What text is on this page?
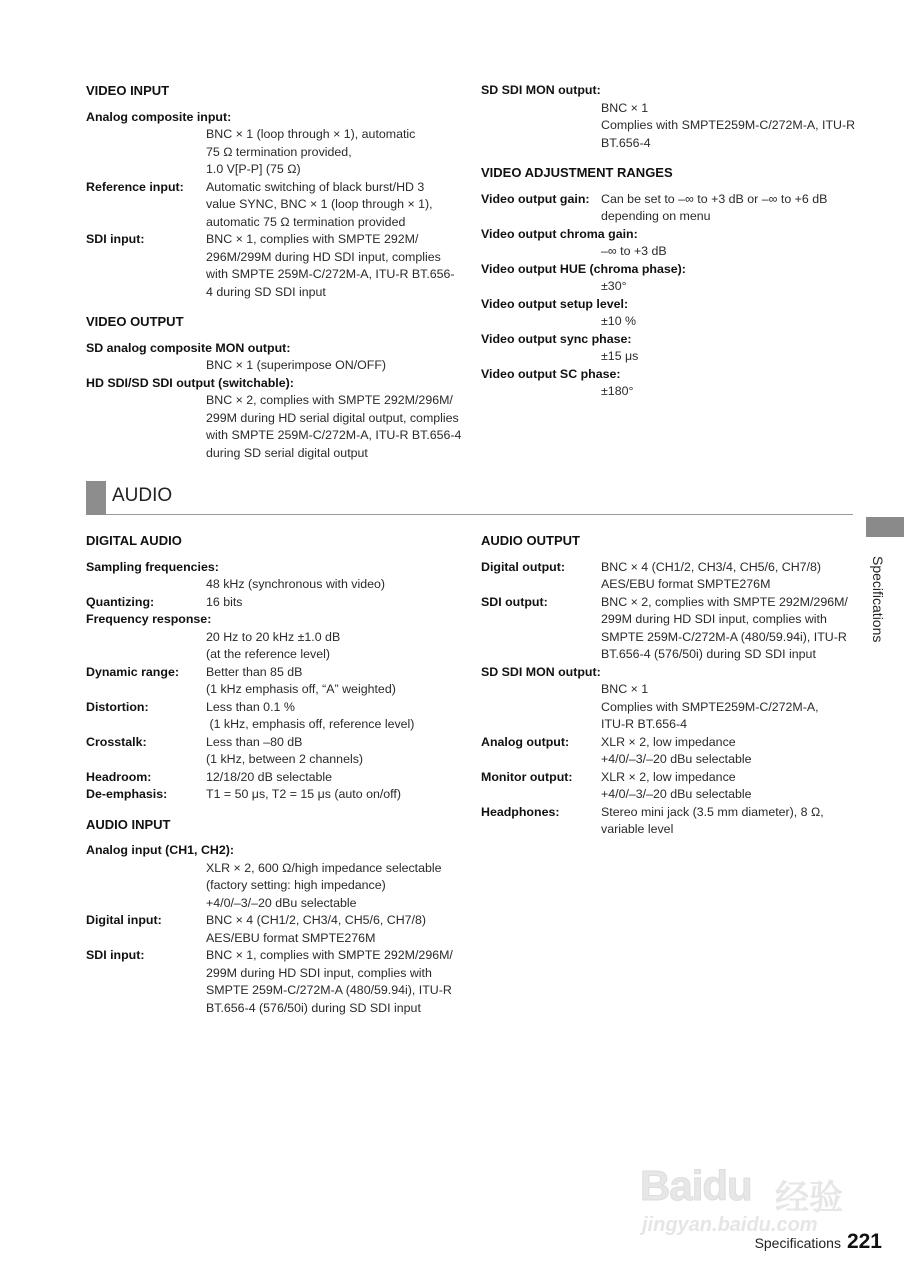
VIDEO INPUT
Analog composite input:
BNC × 1 (loop through × 1), automatic
75 Ω termination provided,
1.0 V[P-P] (75 Ω)
Reference input: Automatic switching of black burst/HD 3
value SYNC, BNC × 1 (loop through × 1),
automatic 75 Ω termination provided
SDI input:	BNC × 1, complies with SMPTE 292M/
296M/299M during HD SDI input, complies
with SMPTE 259M-C/272M-A, ITU-R BT.656-
4 during SD SDI input
VIDEO OUTPUT
SD analog composite MON output:
BNC × 1 (superimpose ON/OFF)
HD SDI/SD SDI output (switchable):
BNC × 2, complies with SMPTE 292M/296M/
299M during HD serial digital output, complies
with SMPTE 259M-C/272M-A, ITU-R BT.656-4
during SD serial digital output
SD SDI MON output:
BNC × 1
Complies with SMPTE259M-C/272M-A, ITU-R
BT.656-4
VIDEO ADJUSTMENT RANGES
Video output gain: Can be set to –∞ to +3 dB or –∞ to +6 dB
depending on menu
Video output chroma gain:
–∞ to +3 dB
Video output HUE (chroma phase):
±30°
Video output setup level:
±10 %
Video output sync phase:
±15 μs
Video output SC phase:
±180°
AUDIO
DIGITAL AUDIO
Sampling frequencies:
48 kHz (synchronous with video)
Quantizing:	16 bits
Frequency response:
20 Hz to 20 kHz ±1.0 dB
(at the reference level)
Dynamic range: Better than 85 dB
(1 kHz emphasis off, “A” weighted)
Distortion:	Less than 0.1 %
(1 kHz, emphasis off, reference level)
Crosstalk:	Less than –80 dB
(1 kHz, between 2 channels)
Headroom:	12/18/20 dB selectable
De-emphasis:	T1 = 50 μs, T2 = 15 μs (auto on/off)
AUDIO INPUT
Analog input (CH1, CH2):
XLR × 2, 600 Ω/high impedance selectable
(factory setting: high impedance)
+4/0/–3/–20 dBu selectable
Digital input:	BNC × 4 (CH1/2, CH3/4, CH5/6, CH7/8)
AES/EBU format SMPTE276M
SDI input:	BNC × 1, complies with SMPTE 292M/296M/
299M during HD SDI input, complies with
SMPTE 259M-C/272M-A (480/59.94i), ITU-R
BT.656-4 (576/50i) during SD SDI input
AUDIO OUTPUT
Digital output:	BNC × 4 (CH1/2, CH3/4, CH5/6, CH7/8)
AES/EBU format SMPTE276M
SDI output:	BNC × 2, complies with SMPTE 292M/296M/
299M during HD SDI input, complies with
SMPTE 259M-C/272M-A (480/59.94i), ITU-R
BT.656-4 (576/50i) during SD SDI input
SD SDI MON output:
BNC × 1
Complies with SMPTE259M-C/272M-A,
ITU-R BT.656-4
Analog output:	XLR × 2, low impedance
+4/0/–3/–20 dBu selectable
Monitor output: XLR × 2, low impedance
+4/0/–3/–20 dBu selectable
Headphones:	Stereo mini jack (3.5 mm diameter), 8 Ω,
variable level
Specifications
Baidu 经验
jingyan.baidu.com
Specifications 221
